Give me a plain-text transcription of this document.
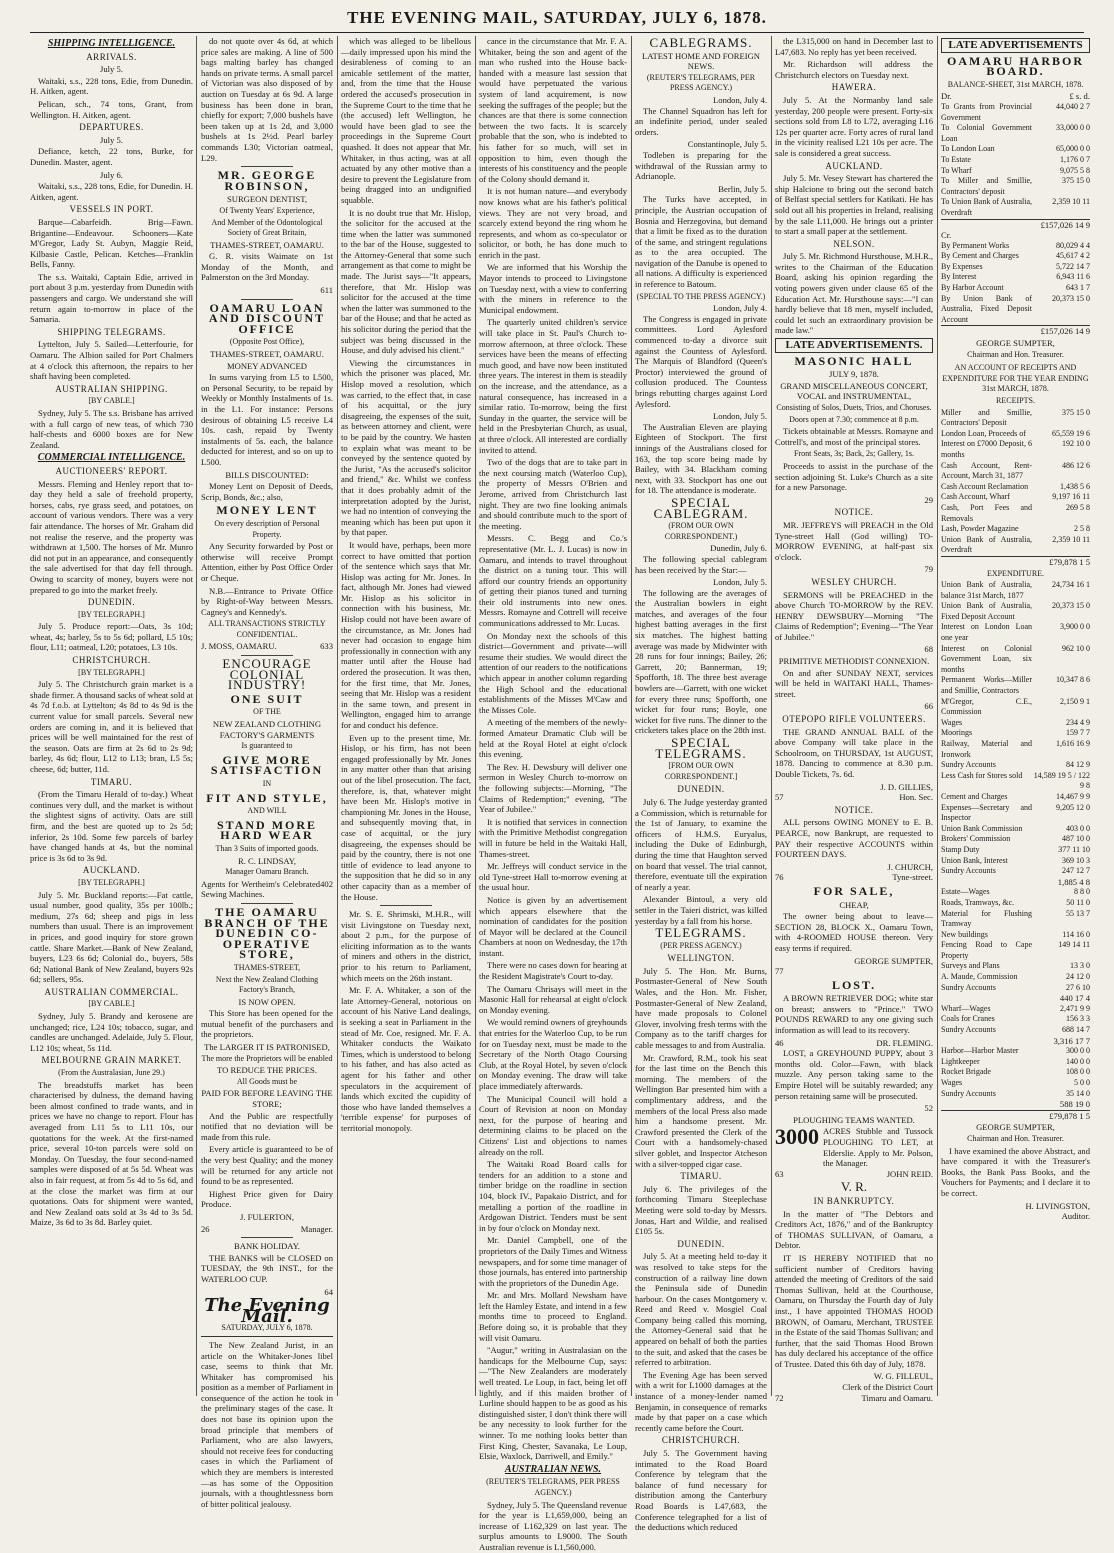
THE EVENING MAIL, SATURDAY, JULY 6, 1878.
SHIPPING INTELLIGENCE.
ARRIVALS.
July 5.

Waitaki, s.s., 228 tons, Edie, from Dunedin. H. Aitken, agent.

Pelican, sch., 74 tons, Grant, from Wellington. H. Aitken, agent.

DEPARTURES.
July 5.

Defiance, ketch, 22 tons, Burke, for Dunedin. Master, agent.

July 6.

Waitaki, s.s., 228 tons, Edie, for Dunedin. H. Aitken, agent.

VESSELS IN PORT.

Barque—Cabarfeidh. Brig—Fawn. Brigantine—Endeavour. Schooners—Kate M'Gregor, Lady St. Aubyn, Maggie Reid, Kilbasie Castle, Pelican. Ketches—Franklin Bells, Fanny.

The s.s. Waitaki, Captain Edie, arrived in port about 3 p.m. yesterday from Dunedin with passengers and cargo. We understand she will return again to-morrow in place of the Samaria.

SHIPPING TELEGRAMS.

Lyttelton, July 5. Sailed—Letterfourie, for Oamaru. The Albion sailed for Port Chalmers at 4 o'clock this afternoon, the repairs to her shaft having been completed.

AUSTRALIAN SHIPPING.
[BY CABLE.]

Sydney, July 5. The s.s. Brisbane has arrived with a full cargo of new teas, of which 730 half-chests and 6000 boxes are for New Zealand.

COMMERCIAL INTELLIGENCE.
AUCTIONEERS' REPORT.

Messrs. Fleming and Henley report that to-day they held a sale of freehold property, horses, cabs, rye grass seed, and potatoes, on account of various vendors. There was a very fair attendance. The horses of Mr. Graham did not realise the reserve, and the property was withdrawn at 1,500. The horses of Mr. Munro did not put in an appearance, and consequently the sale advertised for that day fell through. Owing to scarcity of money, buyers were not prepared to go into the market freely.

DUNEDIN.
[BY TELEGRAPH.]

July 5. Produce report:—Oats, 3s 10d; wheat, 4s; barley, 5s to 5s 6d; pollard, L5 10s; flour, L11; oatmeal, L20; potatoes, L3 10s.

CHRISTCHURCH.
[BY TELEGRAPH.]

July 5. The Christchurch grain market is a shade firmer. A thousand sacks of wheat sold at 4s 7d f.o.b. at Lyttelton; 4s 8d to 4s 9d is the current value for small parcels. Several new orders are coming in, and it is believed that prices will be well maintained for the rest of the season. Oats are firm at 2s 6d to 2s 9d; barley, 4s 6d; flour, L12 to L13; bran, L5 5s; cheese, 6d; butter, 11d.

TIMARU.

(From the Timaru Herald of to-day.) Wheat continues very dull, and the market is without the slightest signs of activity. Oats are still firm, and the best are quoted up to 2s 5d; inferior, 2s 10d. Some few parcels of barley have changed hands at 4s, but the nominal price is 3s 6d to 3s 9d.

AUCKLAND.
[BY TELEGRAPH.]

July 5. Mr. Buckland reports:—Fat cattle, usual number, good quality, 35s per 100lb.; medium, 27s 6d; sheep and pigs in less numbers than usual. There is an improvement in prices, and good inquiry for store grown cattle. Share Market.—Bank of New Zealand, buyers, L23 6s 6d; Colonial do., buyers, 58s 6d; National Bank of New Zealand, buyers 92s 6d; sellers, 95s.

AUSTRALIAN COMMERCIAL.
[BY CABLE.]

Sydney, July 5. Brandy and kerosene are unchanged; rice, L24 10s; tobacco, sugar, and candles are unchanged. Adelaide, July 5. Flour, L12 10s; wheat, 5s 11d.

MELBOURNE GRAIN MARKET.
(From the Australasian, June 29.)

The breadstuffs market has been characterised by dulness, the demand having been almost confined to trade wants, and in prices we have no change to report. Flour has averaged from L11 5s to L11 10s, our quotations for the week. At the first-named price, several 10-ton parcels were sold on Monday. On Tuesday, the four second-named samples were disposed of at 5s 5d. Wheat was also in fair request, at from 5s 4d to 5s 6d, and at the close the market was firm at our quotations. Oats for shipment were wanted, and New Zealand oats sold at 3s 4d to 3s 5d. Maize, 3s 6d to 3s 8d. Barley quiet.

do not quote over 4s 6d, at which price sales are making. A line of 500 bags malting barley has changed hands on private terms. A small parcel of Victorian was also disposed of by auction on Tuesday at 6s 9d. A large business has been done in bran, chiefly for export; 7,000 bushels have been taken up at 1s 2d, and 3,000 bushels at 1s 2½d. Pearl barley commands L30; Victorian oatmeal, L29.

MR. GEORGE ROBINSON,
SURGEON DENTIST,
Of Twenty Years' Experience,
And Member of the Odontological Society of Great Britain,
THAMES-STREET, OAMARU.

G. R. visits Waimate on 1st Monday of the Month, and Palmerston on the 3rd Monday.

611
OAMARU LOAN AND DISCOUNT OFFICE
(Opposite Post Office),
THAMES-STREET, OAMARU.
MONEY ADVANCED

In sums varying from L5 to L500, on Personal Security, to be repaid by Weekly or Monthly Instalments of 1s. in the L1. For instance: Persons desirous of obtaining L5 receive L4 10s. cash, repaid by Twenty instalments of 5s. each, the balance deducted for interest, and so on up to L500.

BILLS DISCOUNTED:

Money Lent on Deposit of Deeds, Scrip, Bonds, &c.; also,

MONEY LENT
On every description of Personal Property.

Any Security forwarded by Post or otherwise will receive Prompt Attention, either by Post Office Order or Cheque.

N.B.—Entrance to Private Office by Right-of-Way between Messrs. Cagney's and Kennedy's.

ALL TRANSACTIONS STRICTLY CONFIDENTIAL.
J. MOSS, OAMARU.	633
ENCOURAGE COLONIAL INDUSTRY!
ONE SUIT
OF THE
NEW ZEALAND CLOTHING FACTORY'S GARMENTS
Is guaranteed to
GIVE MORE SATISFACTION
IN
FIT AND STYLE,
AND WILL
STAND MORE HARD WEAR
Than 3 Suits of imported goods.
R. C. LINDSAY,
Manager Oamaru Branch.
Agents for Wertheim's Celebrated Sewing Machines.
402
THE OAMARU BRANCH OF THE DUNEDIN CO-OPERATIVE STORE,
THAMES-STREET,
Next the New Zealand Clothing Factory's Branch,
IS NOW OPEN.

This Store has been opened for the mutual benefit of the purchasers and the proprietors.

The LARGER IT IS PATRONISED,
The more the Proprietors will be enabled
TO REDUCE THE PRICES.
All Goods must be
PAID FOR BEFORE LEAVING THE STORE;

And the Public are respectfully notified that no deviation will be made from this rule.

Every article is guaranteed to be of the very best Quality; and the money will be returned for any article not found to be as represented.

Highest Price given for Dairy Produce.

J. FULERTON,
26	Manager.
BANK HOLIDAY.

THE BANKS will be CLOSED on TUESDAY, the 9th INST., for the WATERLOO CUP.

64
The Evening Mail.
SATURDAY, JULY 6, 1878.

The New Zealand Jurist, in an article on the Whitaker-Jones libel case, seems to think that Mr. Whitaker has compromised his position as a member of Parliament in consequence of the action he took in the preliminary stages of the case. It does not base its opinion upon the broad principle that members of Parliament, who are also lawyers, should not receive fees for conducting cases in which the Parliament of which they are members is interested—as has some of the Opposition journals, with a thoughtlessness born of bitter political jealousy.

which was alleged to be libellous—daily impressed upon his mind the desirableness of coming to an amicable settlement of the matter, and, from the time that the House ordered the accused's prosecution in the Supreme Court to the time that he (the accused) left Wellington, he would have been glad to see the proceedings in the Supreme Court quashed. It does not appear that Mr. Whitaker, in thus acting, was at all actuated by any other motive than a desire to prevent the Legislature from being dragged into an undignified squabble.

It is no doubt true that Mr. Hislop, the solicitor for the accused at the time when the latter was summoned to the bar of the House, suggested to the Attorney-General that some such arrangement as that come to might be made. The Jurist says—"It appears, therefore, that Mr. Hislop was solicitor for the accused at the time when the latter was summoned to the bar of the House; and that he acted as his solicitor during the period that the subject was being discussed in the House, and duly advised his client."

Viewing the circumstances in which the prisoner was placed, Mr. Hislop moved a resolution, which was carried, to the effect that, in case of his acquittal, or the jury disagreeing, the expenses of the suit, as between attorney and client, were to be paid by the country. We hasten to explain what was meant to be conveyed by the sentence quoted by the Jurist, "As the accused's solicitor and friend," &c. Whilst we confess that it does probably admit of the interpretation adopted by the Jurist, we had no intention of conveying the meaning which has been put upon it by that paper.

It would have, perhaps, been more correct to have omitted that portion of the sentence which says that Mr. Hislop was acting for Mr. Jones. In fact, although Mr. Jones had viewed Mr. Hislop as his solicitor in connection with his business, Mr. Hislop could not have been aware of the circumstance, as Mr. Jones had never had occasion to engage him professionally in connection with any matter until after the House had ordered the prosecution. It was then, for the first time, that Mr. Jones, seeing that Mr. Hislop was a resident in the same town, and present in Wellington, engaged him to arrange for and conduct his defence.

Even up to the present time, Mr. Hislop, or his firm, has not been engaged professionally by Mr. Jones in any matter other than that arising out of the libel prosecution. The fact, therefore, is, that, whatever might have been Mr. Hislop's motive in championing Mr. Jones in the House, and subsequently moving that, in case of acquittal, or the jury disagreeing, the expenses should be paid by the country, there is not one tittle of evidence to lead anyone to the supposition that he did so in any other capacity than as a member of the House.

Mr. S. E. Shrimski, M.H.R., will visit Livingstone on Tuesday next, about 2 p.m., for the purpose of eliciting information as to the wants of miners and others in the district, prior to his return to Parliament, which meets on the 26th instant.

Mr. F. A. Whitaker, a son of the late Attorney-General, notorious on account of his Native Land dealings, is seeking a seat in Parliament in the stead of Mr. Coe, resigned. Mr. F. A. Whitaker conducts the Waikato Times, which is understood to belong to his father, and has also acted as agent for his father and other speculators in the acquirement of lands which excited the cupidity of those who have landed themselves a 'terrible expense' for purposes of territorial monopoly.

cance in the circumstance that Mr. F. A. Whitaker, being the son and agent of the man who rushed into the House back-handed with a measure last session that would have perpetuated the various system of land acquirement, is now seeking the suffrages of the people; but the chances are that there is some connection between the two facts. It is scarcely probable that the son, who is indebted to his father for so much, will set in opposition to him, even though the interests of his constituency and the people of the Colony should demand it.

It is not human nature—and everybody now knows what are his father's political views. They are not very broad, and scarcely extend beyond the ring whom he represents, and whom as co-speculator or solicitor, or both, he has done much to enrich in the past.

We are informed that his Worship the Mayor intends to proceed to Livingstone on Tuesday next, with a view to conferring with the miners in reference to the Municipal endowment.

The quarterly united children's service will take place in St. Paul's Church to-morrow afternoon, at three o'clock. These services have been the means of effecting much good, and have now been instituted three years. The interest in them is steadily on the increase, and the attendance, as a natural consequence, has increased in a similar ratio. To-morrow, being the first Sunday in the quarter, the service will be held in the Presbyterian Church, as usual, at three o'clock. All interested are cordially invited to attend.

Two of the dogs that are to take part in the next coursing match (Waterloo Cup), the property of Messrs O'Brien and Jerome, arrived from Christchurch last night. They are two fine looking animals and should contribute much to the sport of the meeting.

Messrs. C. Begg and Co.'s representative (Mr. L. J. Lucas) is now in Oamaru, and intends to travel throughout the district on a tuning tour. This will afford our country friends an opportunity of getting their pianos tuned and turning their old instruments into new ones. Messrs. Romayne and Cottrell will receive communications addressed to Mr. Lucas.

On Monday next the schools of this district—Government and private—will resume their studies. We would direct the attention of our readers to the notifications which appear in another column regarding the High School and the educational establishments of the Misses M'Caw and the Misses Cole.

A meeting of the members of the newly-formed Amateur Dramatic Club will be held at the Royal Hotel at eight o'clock this evening.

The Rev. H. Dewsbury will deliver one sermon in Wesley Church to-morrow on the following subjects:—Morning, "The Claims of Redemption;" evening, "The Year of Jubilee."

It is notified that services in connection with the Primitive Methodist congregation will in future be held in the Waitaki Hall, Thames-street.

Mr. Jeffreys will conduct service in the old Tyne-street Hall to-morrow evening at the usual hour.

Notice is given by an advertisement which appears elsewhere that the nomination of candidates for the position of Mayor will be declared at the Council Chambers at noon on Wednesday, the 17th instant.

There were no cases down for hearing at the Resident Magistrate's Court to-day.

The Oamaru Chrisays will meet in the Masonic Hall for rehearsal at eight o'clock on Monday evening.

We would remind owners of greyhounds that entries for the Waterloo Cup, to be run for on Tuesday next, must be made to the Secretary of the North Otago Coursing Club, at the Royal Hotel, by seven o'clock on Monday evening. The draw will take place immediately afterwards.

The Municipal Council will hold a Court of Revision at noon on Monday next, for the purpose of hearing and determining claims to be placed on the Citizens' List and objections to names already on the roll.

The Waitaki Road Board calls for tenders for an addition to a stone and timber bridge on the roadline in section 104, block IV., Papakaio District, and for metalling a portion of the roadline in Ardgowan District. Tenders must be sent in by four o'clock on Monday next.

Mr. Daniel Campbell, one of the proprietors of the Daily Times and Witness newspapers, and for some time manager of those journals, has entered into partnership with the proprietors of the Dunedin Age.

Mr. and Mrs. Mollard Newsham have left the Hamley Estate, and intend in a few months time to proceed to England. Before doing so, it is probable that they will visit Oamaru.

"Augur," writing in Australasian on the handicaps for the Melbourne Cup, says:—"The New Zealanders are moderately well treated. Le Loup, in fact, being let off lightly, and if this maiden brother of Lurline should happen to be as good as his distinguished sister, I don't think there will be any necessity to look further for the winner. To me nothing looks better than First King, Chester, Savanaka, Le Loup, Elsie, Waxlock, Darriwell, and Emily."

AUSTRALIAN NEWS.
(REUTER'S TELEGRAMS, PER PRESS AGENCY.)

Sydney, July 5. The Queensland revenue for the year is L1,659,000, being an increase of L162,329 on last year. The surplus amounts to L9000. The South Australian revenue is L1,560,000.

CABLEGRAMS.
LATEST HOME AND FOREIGN NEWS.
(REUTER'S TELEGRAMS, PER PRESS AGENCY.)
London, July 4.

The Channel Squadron has left for an indefinite period, under sealed orders.

Constantinople, July 5.

Todleben is preparing for the withdrawal of the Russian army to Adrianople.

Berlin, July 5.

The Turks have accepted, in principle, the Austrian occupation of Bosnia and Herzegovina, but demand that a limit be fixed as to the duration of the same, and stringent regulations as to the area occupied. The navigation of the Danube is opened to all nations. A difficulty is experienced in reference to Batoum.

(SPECIAL TO THE PRESS AGENCY.)
London, July 4.

The Congress is engaged in private committees. Lord Aylesford commenced to-day a divorce suit against the Countess of Aylesford. The Marquis of Blandford (Queen's Proctor) interviewed the ground of collusion produced. The Countess brings rebutting charges against Lord Aylesford.

London, July 5.

The Australian Eleven are playing Eighteen of Stockport. The first innings of the Australians closed for 163, the top score being made by Bailey, with 34. Blackham coming next, with 33. Stockport has one out for 18. The attendance is moderate.

SPECIAL CABLEGRAM.
(FROM OUR OWN CORRESPONDENT.)
Dunedin, July 6.

The following special cablegram has been received by the Star:—

London, July 5.

The following are the averages of the Australian bowlers in eight matches, and averages of the four highest batting averages in the first six matches. The highest batting average was made by Midwinter with 28 runs for four innings; Bailey, 26; Garrett, 20; Bannerman, 19; Spofforth, 18. The three best average bowlers are—Garrett, with one wicket for every three runs; Spofforth, one wicket for four runs; Boyle, one wicket for five runs. The dinner to the cricketers takes place on the 28th inst.

SPECIAL TELEGRAMS.
[FROM OUR OWN CORRESPONDENT.]
DUNEDIN.

July 6. The Judge yesterday granted a Commission, which is returnable for the 1st of January, to examine the officers of H.M.S. Euryalus, including the Duke of Edinburgh, during the time that Haughton served on board that vessel. The trial cannot, therefore, eventuate till the expiration of nearly a year.

Alexander Bintoul, a very old settler in the Taieri district, was killed yesterday by a fall from his horse.

TELEGRAMS.
(PER PRESS AGENCY.)
WELLINGTON.

July 5. The Hon. Mr. Burns, Postmaster-General of New South Wales, and the Hon. Mr. Fisher, Postmaster-General of New Zealand, have made proposals to Colonel Glover, involving fresh terms with the Company as to the tariff charges for cable messages to and from Australia.

Mr. Crawford, R.M., took his seat for the last time on the Bench this morning. The members of the Wellington Bar presented him with a complimentary address, and the members of the local Press also made him a handsome present. Mr. Crawford presented the Clerk of the Court with a handsomely-chased silver goblet, and Inspector Atcheson with a silver-topped cigar case.

TIMARU.

July 6. The privileges of the forthcoming Timaru Steeplechase Meeting were sold to-day by Messrs. Jonas, Hart and Wildie, and realised £105 5s.

DUNEDIN.

July 5. At a meeting held to-day it was resolved to take steps for the construction of a railway line down the Peninsula side of Dunedin harbour. On the cases Montgomery v. Reed and Reed v. Mosgiel Coal Company being called this morning, the Attorney-General said that he appeared on behalf of both the parties to the suit, and asked that the cases be referred to arbitration.

The Evening Age has been served with a writ for L1000 damages at the instance of a money-lender named Benjamin, in consequence of remarks made by that paper on a case which recently came before the Court.

CHRISTCHURCH.

July 5. The Government having intimated to the Road Board Conference by telegram that the balance of fund necessary for distribution among the Canterbury Road Boards is L47,683, the Conference telegraphed for a list of the deductions which reduced

the L315,000 on hand in December last to L47,683. No reply has yet been received.

Mr. Richardson will address the Christchurch electors on Tuesday next.

HAWERA.

July 5. At the Normanby land sale yesterday, 200 people were present. Forty-six sections sold from L8 to L72, averaging L16 12s per quarter acre. Forty acres of rural land in the vicinity realised L21 10s per acre. The sale is considered a great success.

AUCKLAND.

July 5. Mr. Vesey Stewart has chartered the ship Halcione to bring out the second batch of Belfast special settlers for Katikati. He has sold out all his properties in Ireland, realising by the sale L11,000. He brings out a printer to start a small paper at the settlement.

NELSON.

July 5. Mr. Richmond Hursthouse, M.H.R., writes to the Chairman of the Education Board, asking his opinion regarding the voting powers given under clause 65 of the Education Act. Mr. Hursthouse says:—"I can hardly believe that 18 men, myself included, could let such an extraordinary provision be made law."

LATE ADVERTISEMENTS.
MASONIC HALL
JULY 9, 1878.
GRAND MISCELLANEOUS CONCERT, VOCAL and INSTRUMENTAL,
Consisting of Solos, Duets, Trios, and Choruses.
Doors open at 7.30; commence at 8 p.m.

Tickets obtainable at Messrs. Romayne and Cottrell's, and most of the principal stores.

Front Seats, 3s; Back, 2s; Gallery, 1s.

Proceeds to assist in the purchase of the section adjoining St. Luke's Church as a site for a new Parsonage.

29
NOTICE.

MR. JEFFREYS will PREACH in the Old Tyne-street Hall (God willing) TO-MORROW EVENING, at half-past six o'clock.

79
WESLEY CHURCH.

SERMONS will be PREACHED in the above Church TO-MORROW by the REV. HENRY DEWSBURY—Morning "The Claims of Redemption"; Evening—"The Year of Jubilee."

68
PRIMITIVE METHODIST CONNEXION.

On and after SUNDAY NEXT, services will be held in WAITAKI HALL, Thames-street.

66
OTEPOPO RIFLE VOLUNTEERS.

THE GRAND ANNUAL BALL of the above Company will take place in the Schoolroom, on THURSDAY, 1st AUGUST, 1878. Dancing to commence at 8.30 p.m. Double Tickets, 7s. 6d.

J. D. GILLIES,
57	Hon. Sec.
NOTICE.

ALL persons OWING MONEY to E. B. PEARCE, now Bankrupt, are requested to PAY their respective ACCOUNTS within FOURTEEN DAYS.

J. CHURCH,
76	Tyne-street.
FOR SALE,
CHEAP,

The owner being about to leave— SECTION 28, BLOCK X., Oamaru Town, with 4-ROOMED HOUSE thereon. Very easy terms if required.

GEORGE SUMPTER,
77
LOST.

A BROWN RETRIEVER DOG; white star on breast; answers to "Prince." TWO POUNDS REWARD to any one giving such information as will lead to its recovery.

46	DR. FLEMING.

LOST, a GREYHOUND PUPPY, about 3 months old. Color—Fawn, with black muzzle. Any person taking same to the Empire Hotel will be suitably rewarded; any person retaining same will be prosecuted.

52
PLOUGHING TEAMS WANTED.
3000 ACRES Stubble and Tussock PLOUGHING TO LET, at Elderslie. Apply to Mr. Polson, the Manager.
63	JOHN REID.
V. R.
IN BANKRUPTCY.

In the matter of "The Debtors and Creditors Act, 1876," and of the Bankruptcy of THOMAS SULLIVAN, of Oamaru, a Debtor.

IT IS HEREBY NOTIFIED that no sufficient number of Creditors having attended the meeting of Creditors of the said Thomas Sullivan, held at the Courthouse, Oamaru, on Thursday the Fourth day of July inst., I have appointed THOMAS HOOD BROWN, of Oamaru, Merchant, TRUSTEE in the Estate of the said Thomas Sullivan; and further, that the said Thomas Hood Brown has duly declared his acceptance of the office of Trustee. Dated this 6th day of July, 1878.

W. G. FILLEUL,
Clerk of the District Court
72	Timaru and Oamaru.
LATE ADVERTISEMENTS
OAMARU HARBOR BOARD.
BALANCE-SHEET, 31st MARCH, 1878.
Dr.	£ s. d.
To Grants from Provincial Government	44,040 2 7
To Colonial Government Loan	33,000 0 0
To London Loan	65,000 0 0
To Estate	1,176 0 7
To Wharf	9,075 5 8
To Miller and Smillie, Contractors' deposit	375 15 0
To Union Bank of Australia, Overdraft	2,359 10 11
£157,026 14 9
Cr.
By Permanent Works	80,029 4 4
By Cement and Charges	45,617 4 2
By Expenses	5,722 14 7
By Interest	6,943 11 6
By Harbor Account	643 1 7
By Union Bank of Australia, Fixed Deposit Account	20,373 15 0
£157,026 14 9
GEORGE SUMPTER,
Chairman and Hon. Treasurer.
AN ACCOUNT OF RECEIPTS AND EXPENDITURE FOR THE YEAR ENDING 31st MARCH, 1878.
RECEIPTS.
Miller and Smillie, Contractors' Deposit	375 15 0
London Loan, Proceeds of	65,559 19 6
Interest on £7000 Deposit, 6 months	192 10 0
Cash Account, Rent-Account, March 31, 1877	486 12 6
Cash Account Reclamation	1,438 5 6
Cash Account, Wharf	9,197 16 11
Cash, Port Fees and Removals	269 5 8
Lash, Powder Magazine	2 5 8
Union Bank of Australia, Overdraft	2,359 10 11
£79,878 1 5
EXPENDITURE.
Union Bank of Australia, balance 31st March, 1877	24,734 16 1
Union Bank of Australia, Fixed Deposit Account	20,373 15 0
Interest on London Loan one year	3,900 0 0
Interest on Colonial Government Loan, six months	962 10 0
Permanent Works—Miller and Smillie, Contractors	10,347 8 6
M'Gregor, C.E., Commission	2,150 9 1
Wages	234 4 9
Moorings	159 7 7
Railway, Material and Ironwork	1,616 16 9
Sundry Accounts	84 12 9
Less Cash for Stores sold	14,589 19 5 / 122 9 8
Cement and Charges	14,467 9 9
Expenses—Secretary and Inspector	9,205 12 0
Union Bank Commission	403 0 0
Brokers' Commission	487 10 0
Stamp Duty	377 11 10
Union Bank, Interest	369 10 3
Sundry Accounts	247 12 7
1,885 4 8
Estate—Wages	8 8 0
Roads, Tramways, &c.	50 11 0
Material for Flushing Tramway	55 13 7
New buildings	114 16 0
Fencing Road to Cape Property	149 14 11
Surveys and Plans	13 3 0
A. Maude, Commission	24 12 0
Sundry Accounts	27 6 10
440 17 4
Wharf—Wages	2,471 9 9
Coals for Cranes	156 3 3
Sundry Accounts	688 14 7
3,316 17 7
Harbor—Harbor Master	300 0 0
Lightkeeper	140 0 0
Rocket Brigade	108 0 0
Wages	5 0 0
Sundry Accounts	35 14 0
588 19 0
£79,878 1 5
GEORGE SUMPTER,
Chairman and Hon. Treasurer.

I have examined the above Abstract, and have compared it with the Treasurer's Books, the Bank Pass Books, and the Vouchers for Payments; and I declare it to be correct.

H. LIVINGSTON,
Auditor.
